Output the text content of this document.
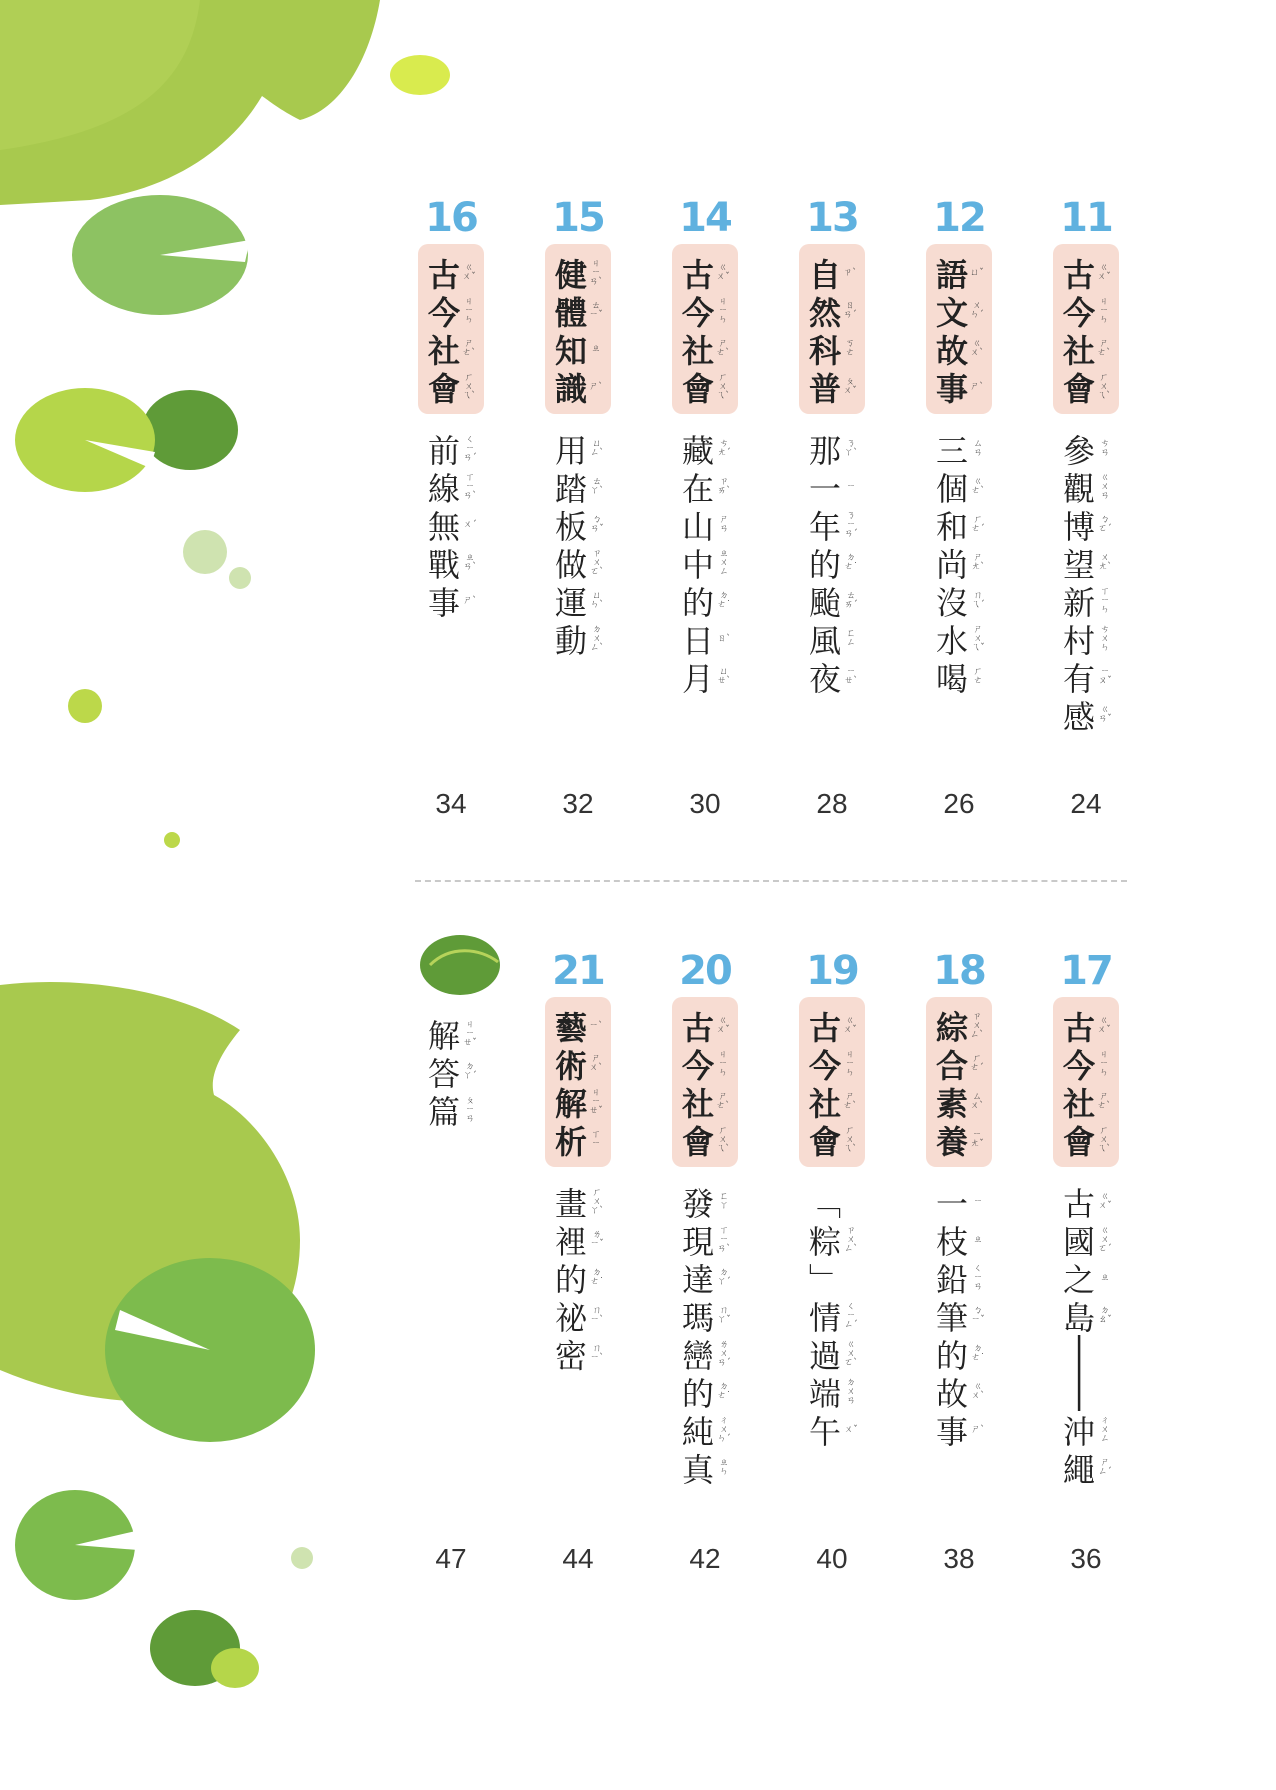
11
古 ㄍㄨˇ
今 ㄐㄧㄣ
社 ㄕㄜˋ
會 ㄏㄨㄟˋ
參 ㄘㄢ
觀 ㄍㄨㄢ
博 ㄅㄛˊ
望 ㄨㄤˋ
新 ㄒㄧㄣ
村 ㄘㄨㄣ
有 ㄧㄡˇ
感 ㄍㄢˇ
24
12
語 ㄩˇ
文 ㄨㄣˊ
故 ㄍㄨˋ
事 ㄕˋ
三 ㄙㄢ
個 ㄍㄜˋ
和 ㄏㄜˊ
尚 ㄕㄤˋ
沒 ㄇㄟˊ
水 ㄕㄨㄟˇ
喝 ㄏㄜ
26
13
自 ㄗˋ
然 ㄖㄢˊ
科 ㄎㄜ
普 ㄆㄨˇ
那 ㄋㄚˋ
一 ㄧ
年 ㄋㄧㄢˊ
的 ㄉㄜ˙
颱 ㄊㄞˊ
風 ㄈㄥ
夜 ㄧㄝˋ
28
14
古 ㄍㄨˇ
今 ㄐㄧㄣ
社 ㄕㄜˋ
會 ㄏㄨㄟˋ
藏 ㄘㄤˊ
在 ㄗㄞˋ
山 ㄕㄢ
中 ㄓㄨㄥ
的 ㄉㄜ˙
日 ㄖˋ
月 ㄩㄝˋ
30
15
健 ㄐㄧㄢˋ
體 ㄊㄧˇ
知 ㄓ
識 ㄕˋ
用 ㄩㄥˋ
踏 ㄊㄚˋ
板 ㄅㄢˇ
做 ㄗㄨㄛˋ
運 ㄩㄣˋ
動 ㄉㄨㄥˋ
32
16
古 ㄍㄨˇ
今 ㄐㄧㄣ
社 ㄕㄜˋ
會 ㄏㄨㄟˋ
前 ㄑㄧㄢˊ
線 ㄒㄧㄢˋ
無 ㄨˊ
戰 ㄓㄢˋ
事 ㄕˋ
34
17
古 ㄍㄨˇ
今 ㄐㄧㄣ
社 ㄕㄜˋ
會 ㄏㄨㄟˋ
古 ㄍㄨˇ
國 ㄍㄨㄛˊ
之 ㄓ
島 ㄉㄠˇ
│
│
沖 ㄔㄨㄥ
繩 ㄕㄥˊ
36
18
綜 ㄗㄨㄥˋ
合 ㄏㄜˊ
素 ㄙㄨˋ
養 ㄧㄤˇ
一 ㄧ
枝 ㄓ
鉛 ㄑㄧㄢ
筆 ㄅㄧˇ
的 ㄉㄜ˙
故 ㄍㄨˋ
事 ㄕˋ
38
19
古 ㄍㄨˇ
今 ㄐㄧㄣ
社 ㄕㄜˋ
會 ㄏㄨㄟˋ
﹁
粽 ㄗㄨㄥˋ
﹂
情 ㄑㄧㄥˊ
過 ㄍㄨㄛˋ
端 ㄉㄨㄢ
午 ㄨˇ
40
20
古 ㄍㄨˇ
今 ㄐㄧㄣ
社 ㄕㄜˋ
會 ㄏㄨㄟˋ
發 ㄈㄚ
現 ㄒㄧㄢˋ
達 ㄉㄚˊ
瑪 ㄇㄚˇ
巒 ㄌㄨㄢˊ
的 ㄉㄜ˙
純 ㄔㄨㄣˊ
真 ㄓㄣ
42
21
藝 ㄧˋ
術 ㄕㄨˋ
解 ㄐㄧㄝˇ
析 ㄒㄧ
畫 ㄏㄨㄚˋ
裡 ㄌㄧˇ
的 ㄉㄜ˙
祕 ㄇㄧˋ
密 ㄇㄧˋ
44
解 ㄐㄧㄝˇ
答 ㄉㄚˊ
篇 ㄆㄧㄢ
47
